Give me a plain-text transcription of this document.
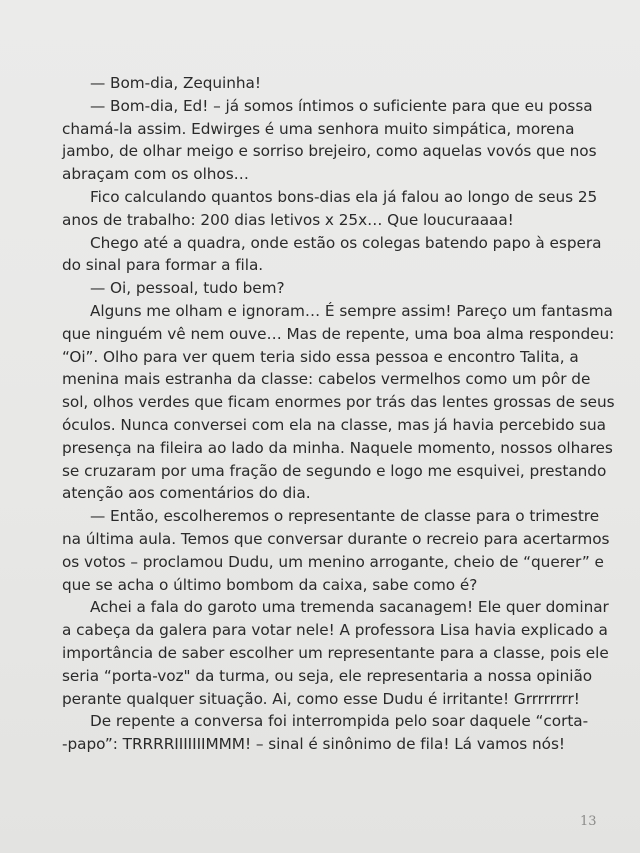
— Bom-dia, Zequinha!
— Bom-dia, Ed! – já somos íntimos o suficiente para que eu possa
chamá-la assim. Edwirges é uma senhora muito simpática, morena
jambo, de olhar meigo e sorriso brejeiro, como aquelas vovós que nos
abraçam com os olhos…
Fico calculando quantos bons-dias ela já falou ao longo de seus 25
anos de trabalho: 200 dias letivos x 25x… Que loucuraaaa!
Chego até a quadra, onde estão os colegas batendo papo à espera
do sinal para formar a fila.
— Oi, pessoal, tudo bem?
Alguns me olham e ignoram… É sempre assim! Pareço um fantasma
que ninguém vê nem ouve… Mas de repente, uma boa alma respondeu:
“Oi”. Olho para ver quem teria sido essa pessoa e encontro Talita, a
menina mais estranha da classe: cabelos vermelhos como um pôr de
sol, olhos verdes que ficam enormes por trás das lentes grossas de seus
óculos. Nunca conversei com ela na classe, mas já havia percebido sua
presença na fileira ao lado da minha. Naquele momento, nossos olhares
se cruzaram por uma fração de segundo e logo me esquivei, prestando
atenção aos comentários do dia.
— Então, escolheremos o representante de classe para o trimestre
na última aula. Temos que conversar durante o recreio para acertarmos
os votos – proclamou Dudu, um menino arrogante, cheio de “querer” e
que se acha o último bombom da caixa, sabe como é?
Achei a fala do garoto uma tremenda sacanagem! Ele quer dominar
a cabeça da galera para votar nele! A professora Lisa havia explicado a
importância de saber escolher um representante para a classe, pois ele
seria “porta-voz" da turma, ou seja, ele representaria a nossa opinião
perante qualquer situação. Ai, como esse Dudu é irritante! Grrrrrrrr!
De repente a conversa foi interrompida pelo soar daquele “corta-
-papo”: TRRRRIIIIIIIMMM! – sinal é sinônimo de fila! Lá vamos nós!
13
